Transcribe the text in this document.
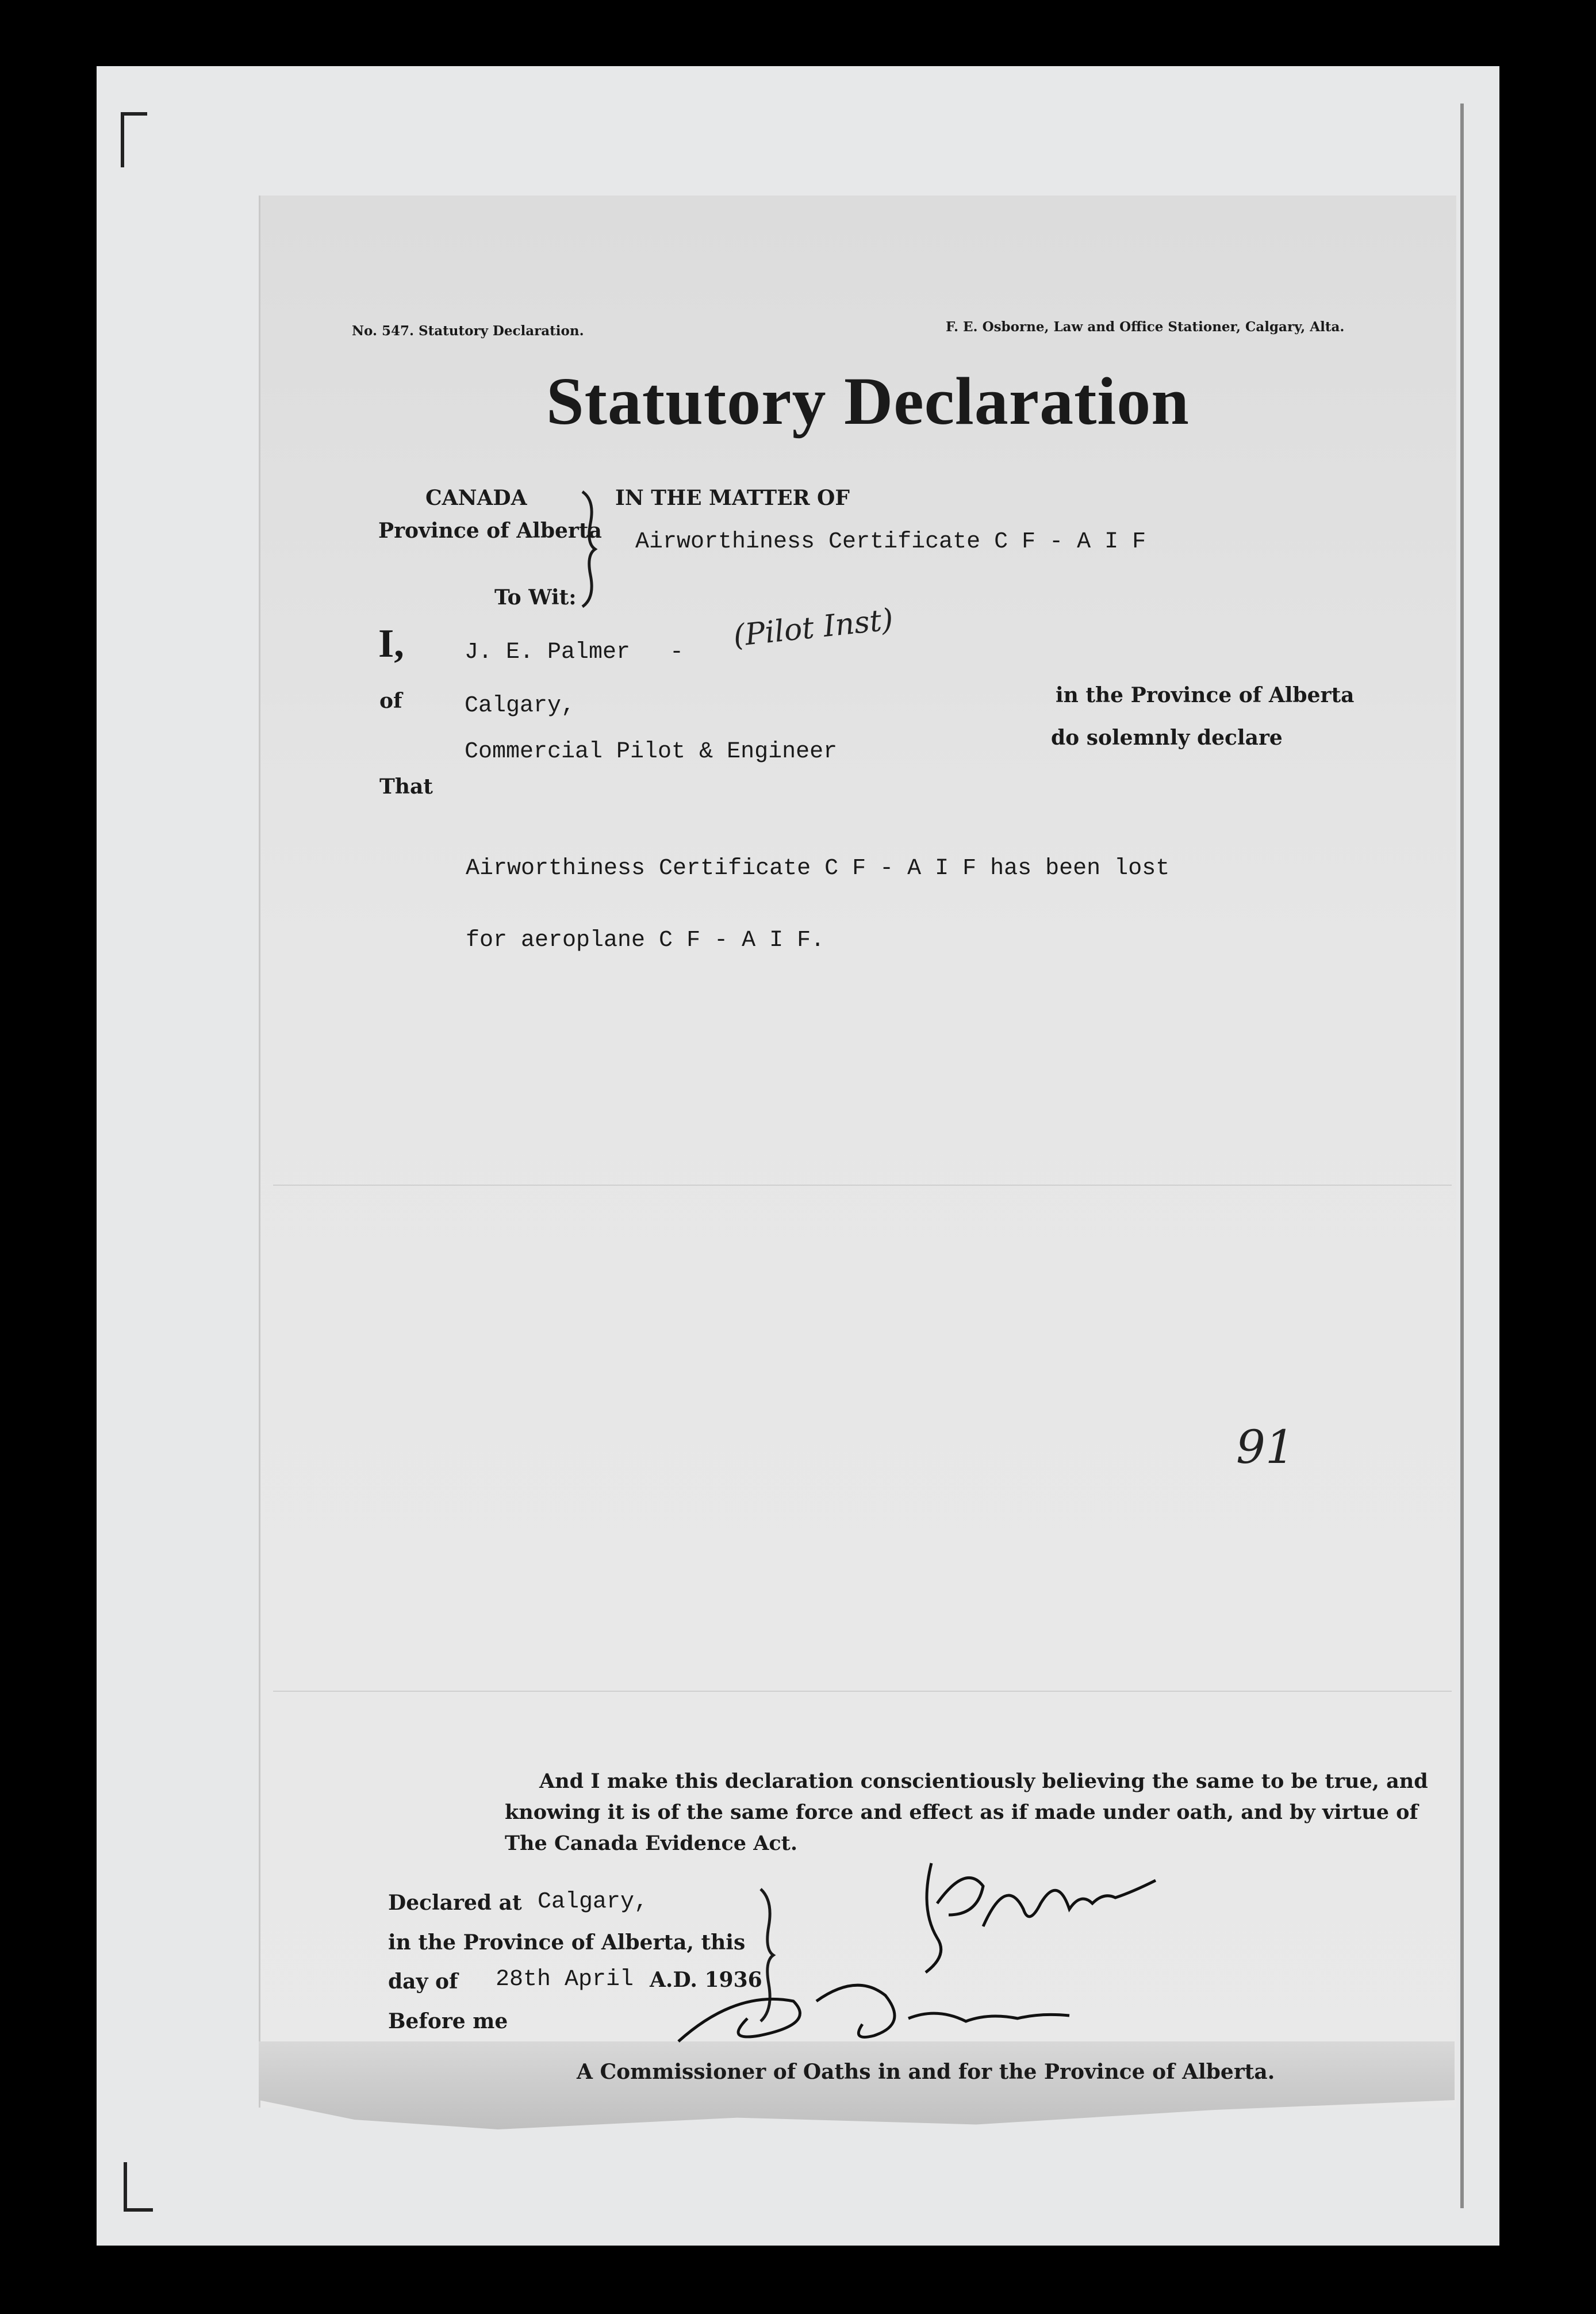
No. 547. Statutory Declaration.	F. E. Osborne, Law and Office Stationer, Calgary, Alta.
Statutory Declaration
CANADA
Province of Alberta
To Wit:
IN THE MATTER OF
Airworthiness Certificate C F - A I F
I,	J. E. Palmer - (Pilot Inst)
of	Calgary,	in the Province of Alberta
Commercial Pilot & Engineer
do solemnly declare
That
Airworthiness Certificate C F - A I F has been lost
for aeroplane C F - A I F.
91
And I make this declaration conscientiously believing the same to be true, and
knowing it is of the same force and effect as if made under oath, and by virtue of
The Canada Evidence Act.
Declared at Calgary,
in the Province of Alberta, this
day of 28th April A.D. 1936
Before me
A Commissioner of Oaths in and for the Province of Alberta.
